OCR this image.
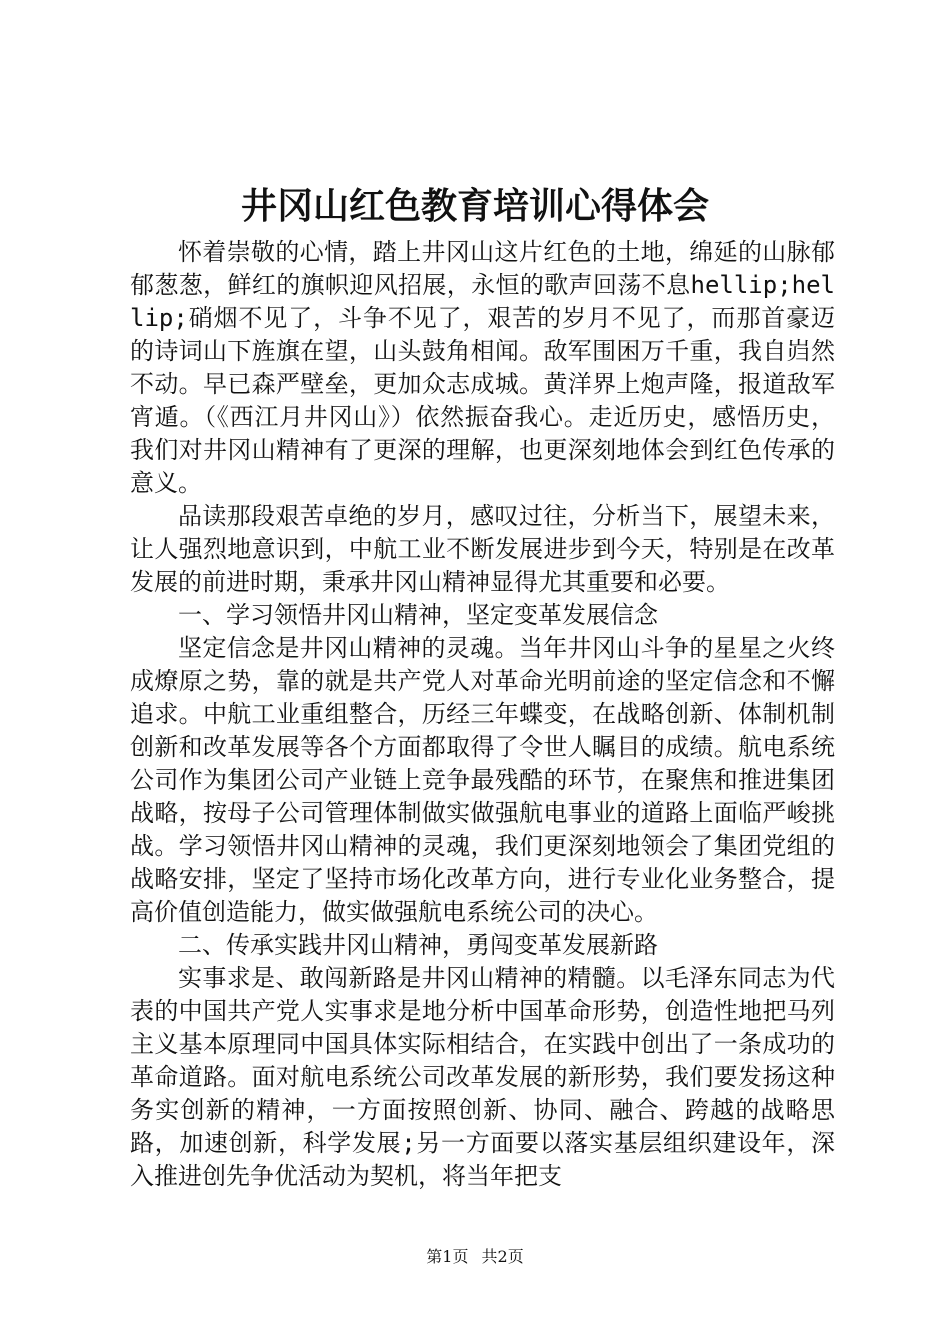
井冈山红色教育培训心得体会

怀着崇敬的心情，踏上井冈山这片红色的土地，绵延的山脉郁郁葱葱，鲜红的旗帜迎风招展，永恒的歌声回荡不息hellip;hellip;硝烟不见了，斗争不见了，艰苦的岁月不见了，而那首豪迈的诗词山下旌旗在望，山头鼓角相闻。敌军围困万千重，我自岿然不动。早已森严壁垒，更加众志成城。黄洋界上炮声隆，报道敌军宵遁。（《西江月井冈山》）依然振奋我心。走近历史，感悟历史，我们对井冈山精神有了更深的理解，也更深刻地体会到红色传承的意义。

品读那段艰苦卓绝的岁月，感叹过往，分析当下，展望未来，让人强烈地意识到，中航工业不断发展进步到今天，特别是在改革发展的前进时期，秉承井冈山精神显得尤其重要和必要。

一、学习领悟井冈山精神，坚定变革发展信念

坚定信念是井冈山精神的灵魂。当年井冈山斗争的星星之火终成燎原之势，靠的就是共产党人对革命光明前途的坚定信念和不懈追求。中航工业重组整合，历经三年蝶变，在战略创新、体制机制创新和改革发展等各个方面都取得了令世人瞩目的成绩。航电系统公司作为集团公司产业链上竞争最残酷的环节，在聚焦和推进集团战略，按母子公司管理体制做实做强航电事业的道路上面临严峻挑战。学习领悟井冈山精神的灵魂，我们更深刻地领会了集团党组的战略安排，坚定了坚持市场化改革方向，进行专业化业务整合，提高价值创造能力，做实做强航电系统公司的决心。

二、传承实践井冈山精神，勇闯变革发展新路

实事求是、敢闯新路是井冈山精神的精髓。以毛泽东同志为代表的中国共产党人实事求是地分析中国革命形势，创造性地把马列主义基本原理同中国具体实际相结合，在实践中创出了一条成功的革命道路。面对航电系统公司改革发展的新形势，我们要发扬这种务实创新的精神，一方面按照创新、协同、融合、跨越的战略思路，加速创新，科学发展;另一方面要以落实基层组织建设年，深入推进创先争优活动为契机，将当年把支

第1页 共2页
